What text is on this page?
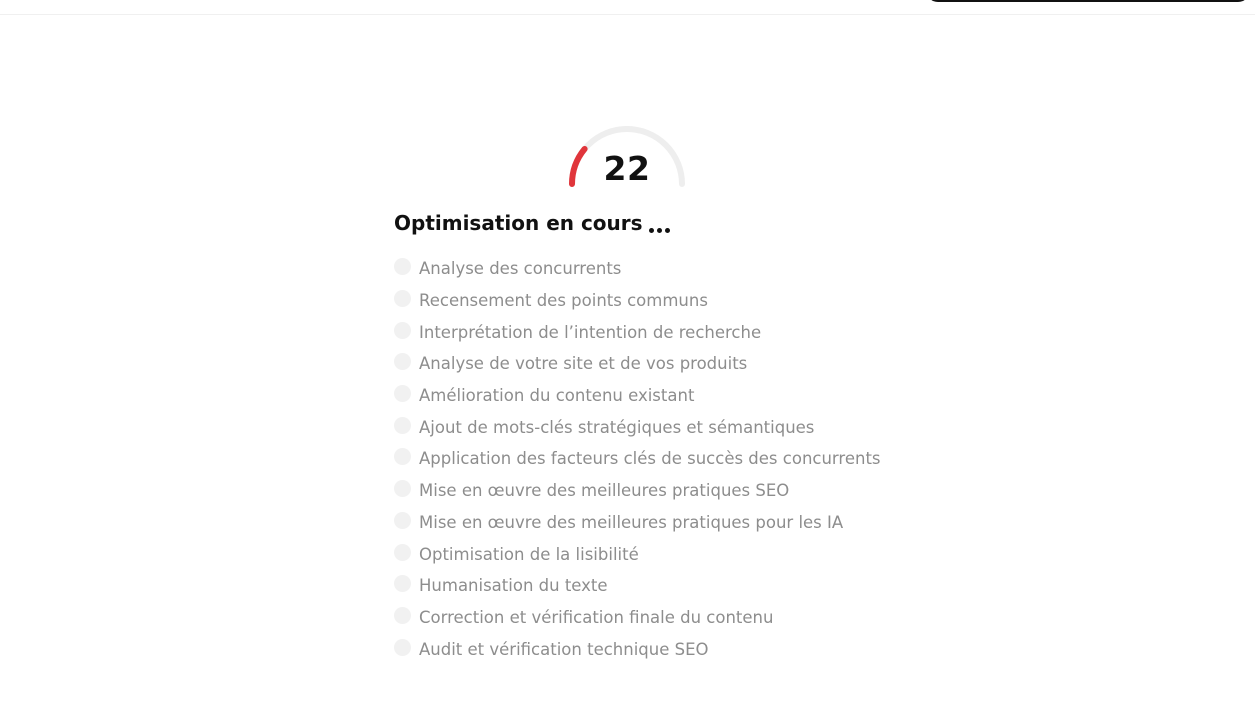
22
Optimisation en cours
Analyse des concurrents
Recensement des points communs
Interprétation de l’intention de recherche
Analyse de votre site et de vos produits
Amélioration du contenu existant
Ajout de mots-clés stratégiques et sémantiques
Application des facteurs clés de succès des concurrents
Mise en œuvre des meilleures pratiques SEO
Mise en œuvre des meilleures pratiques pour les IA
Optimisation de la lisibilité
Humanisation du texte
Correction et vérification finale du contenu
Audit et vérification technique SEO
